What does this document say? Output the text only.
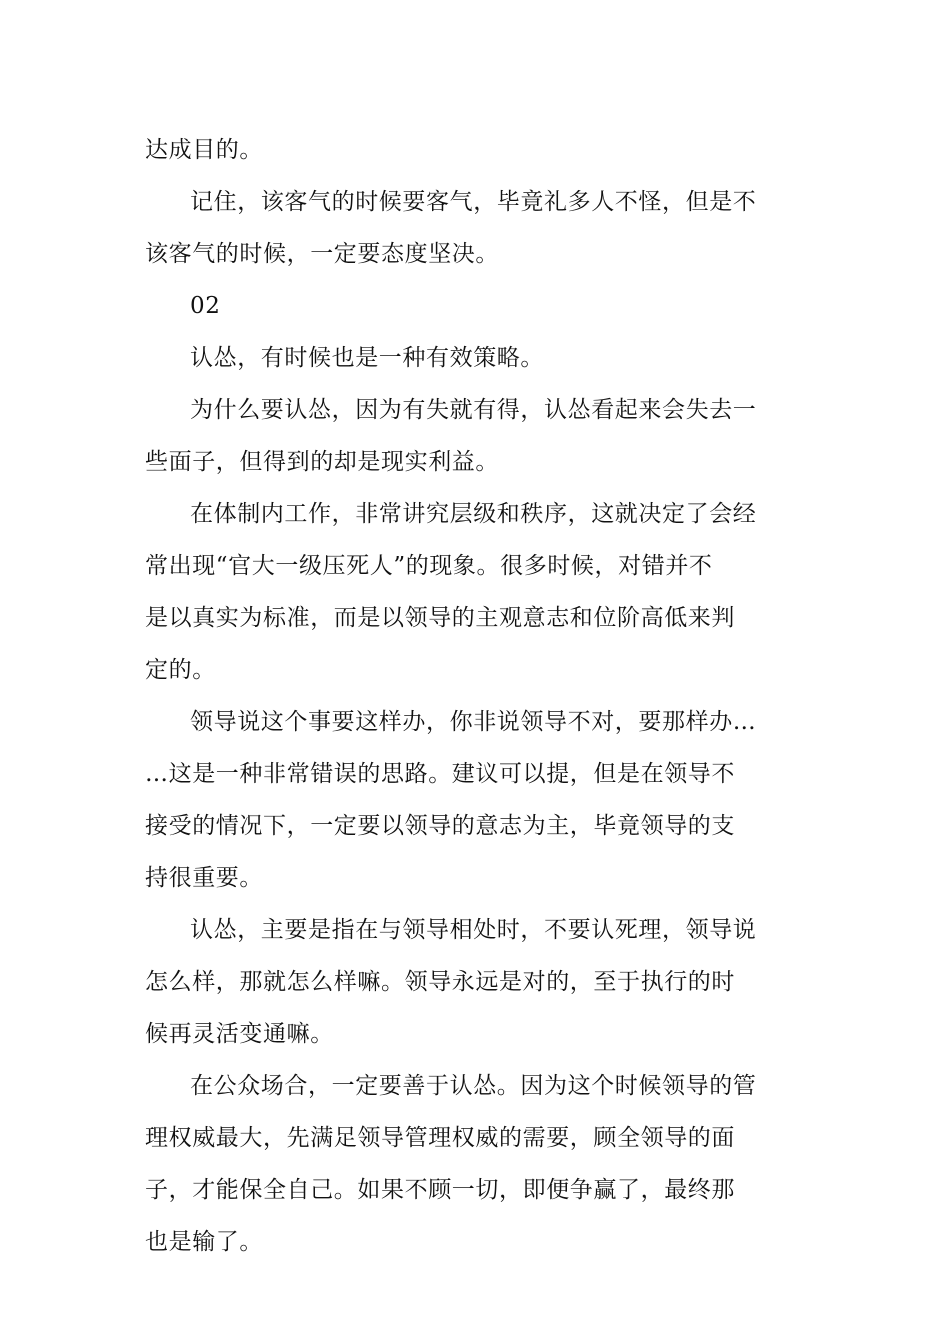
达成目的。
记住，该客气的时候要客气，毕竟礼多人不怪，但是不
该客气的时候，一定要态度坚决。
02
认怂，有时候也是一种有效策略。
为什么要认怂，因为有失就有得，认怂看起来会失去一
些面子，但得到的却是现实利益。
在体制内工作，非常讲究层级和秩序，这就决定了会经
常出现“官大一级压死人”的现象。很多时候，对错并不
是以真实为标准，而是以领导的主观意志和位阶高低来判
定的。
领导说这个事要这样办，你非说领导不对，要那样办…
…这是一种非常错误的思路。建议可以提，但是在领导不
接受的情况下，一定要以领导的意志为主，毕竟领导的支
持很重要。
认怂，主要是指在与领导相处时，不要认死理，领导说
怎么样，那就怎么样嘛。领导永远是对的，至于执行的时
候再灵活变通嘛。
在公众场合，一定要善于认怂。因为这个时候领导的管
理权威最大，先满足领导管理权威的需要，顾全领导的面
子，才能保全自己。如果不顾一切，即便争赢了，最终那
也是输了。
